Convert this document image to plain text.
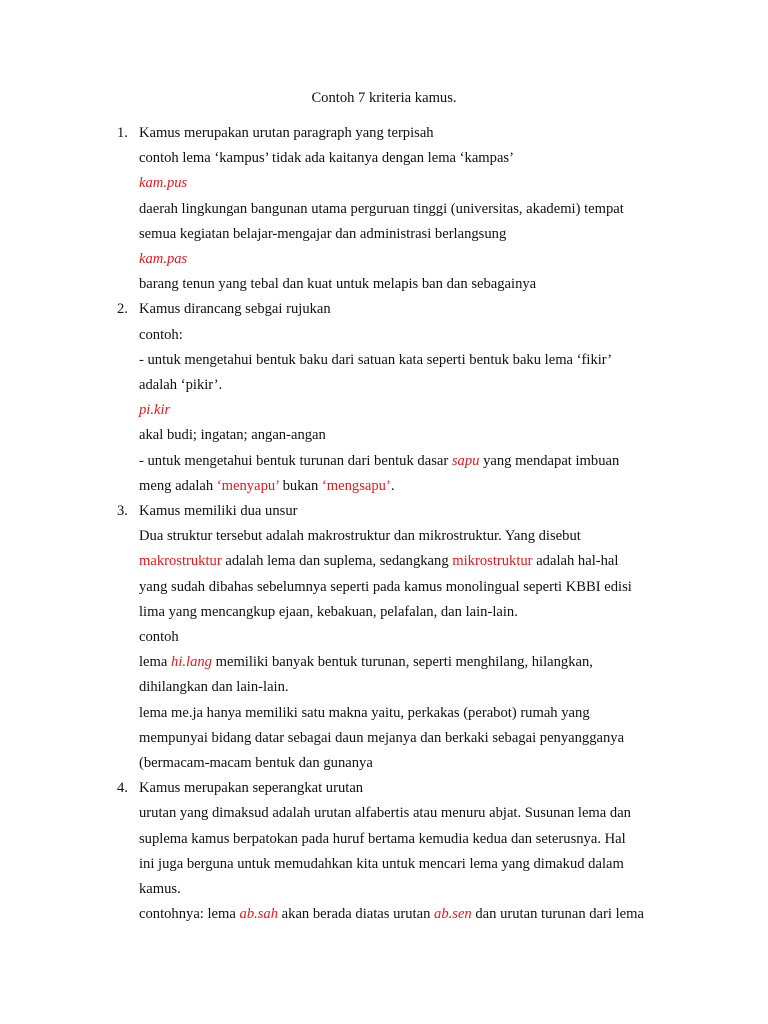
Contoh 7 kriteria kamus.
1. Kamus merupakan urutan paragraph yang terpisah
contoh lema ‘kampus’ tidak ada kaitanya dengan lema ‘kampas’
kam.pus
daerah lingkungan bangunan utama perguruan tinggi (universitas, akademi) tempat
semua kegiatan belajar-mengajar dan administrasi berlangsung
kam.pas
barang tenun yang tebal dan kuat untuk melapis ban dan sebagainya
2. Kamus dirancang sebgai rujukan
contoh:
- untuk mengetahui bentuk baku dari satuan kata seperti bentuk baku lema ‘fikir’
adalah ‘pikir’.
pi.kir
akal budi; ingatan; angan-angan
- untuk mengetahui bentuk turunan dari bentuk dasar sapu yang mendapat imbuan
meng adalah ‘menyapu’ bukan ‘mengsapu’.
3. Kamus memiliki dua unsur
Dua struktur tersebut adalah makrostruktur dan mikrostruktur. Yang disebut
makrostruktur adalah lema dan suplema, sedangkang mikrostruktur adalah hal-hal
yang sudah dibahas sebelumnya seperti pada kamus monolingual seperti KBBI edisi
lima yang mencangkup ejaan, kebakuan, pelafalan, dan lain-lain.
contoh
lema hi.lang memiliki banyak bentuk turunan, seperti menghilang, hilangkan,
dihilangkan dan lain-lain.
lema me.ja hanya memiliki satu makna yaitu, perkakas (perabot) rumah yang
mempunyai bidang datar sebagai daun mejanya dan berkaki sebagai penyangganya
(bermacam-macam bentuk dan gunanya
4. Kamus merupakan seperangkat urutan
urutan yang dimaksud adalah urutan alfabertis atau menuru abjat. Susunan lema dan
suplema kamus berpatokan pada huruf bertama kemudia kedua dan seterusnya. Hal
ini juga berguna untuk memudahkan kita untuk mencari lema yang dimakud dalam
kamus.
contohnya: lema ab.sah akan berada diatas urutan ab.sen dan urutan turunan dari lema
